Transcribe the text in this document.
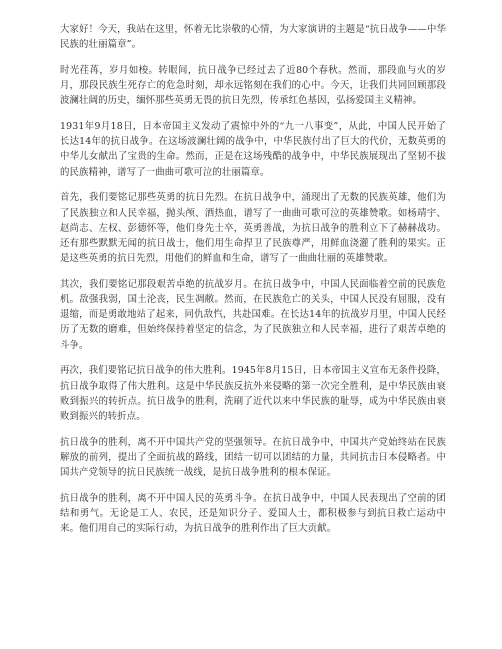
大家好！今天，我站在这里，怀着无比崇敬的心情，为大家演讲的主题是“抗日战争——中华民族的壮丽篇章”。

时光荏苒，岁月如梭。转眼间，抗日战争已经过去了近80个春秋。然而，那段血与火的岁月，那段民族生死存亡的危急时刻，却永远铭刻在我们的心中。今天，让我们共同回顾那段波澜壮阔的历史，缅怀那些英勇无畏的抗日先烈，传承红色基因，弘扬爱国主义精神。

1931年9月18日，日本帝国主义发动了震惊中外的“九一八事变”，从此，中国人民开始了长达14年的抗日战争。在这场波澜壮阔的战争中，中华民族付出了巨大的代价，无数英勇的中华儿女献出了宝贵的生命。然而，正是在这场残酷的战争中，中华民族展现出了坚韧不拔的民族精神，谱写了一曲曲可歌可泣的壮丽篇章。

首先，我们要铭记那些英勇的抗日先烈。在抗日战争中，涌现出了无数的民族英雄，他们为了民族独立和人民幸福，抛头颅、洒热血，谱写了一曲曲可歌可泣的英雄赞歌。如杨靖宇、赵尚志、左权、彭德怀等，他们身先士卒，英勇善战，为抗日战争的胜利立下了赫赫战功。还有那些默默无闻的抗日战士，他们用生命捍卫了民族尊严，用鲜血浇灌了胜利的果实。正是这些英勇的抗日先烈，用他们的鲜血和生命，谱写了一曲曲壮丽的英雄赞歌。

其次，我们要铭记那段艰苦卓绝的抗战岁月。在抗日战争中，中国人民面临着空前的民族危机。敌强我弱，国土沦丧，民生凋敝。然而，在民族危亡的关头，中国人民没有屈服，没有退缩，而是勇敢地站了起来，同仇敌忾，共赴国难。在长达14年的抗战岁月里，中国人民经历了无数的磨难，但始终保持着坚定的信念，为了民族独立和人民幸福，进行了艰苦卓绝的斗争。

再次，我们要铭记抗日战争的伟大胜利。1945年8月15日，日本帝国主义宣布无条件投降，抗日战争取得了伟大胜利。这是中华民族反抗外来侵略的第一次完全胜利，是中华民族由衰败到振兴的转折点。抗日战争的胜利，洗刷了近代以来中华民族的耻辱，成为中华民族由衰败到振兴的转折点。

抗日战争的胜利，离不开中国共产党的坚强领导。在抗日战争中，中国共产党始终站在民族解放的前列，提出了全面抗战的路线，团结一切可以团结的力量，共同抗击日本侵略者。中国共产党领导的抗日民族统一战线，是抗日战争胜利的根本保证。

抗日战争的胜利，离不开中国人民的英勇斗争。在抗日战争中，中国人民表现出了空前的团结和勇气。无论是工人、农民，还是知识分子、爱国人士，都积极参与到抗日救亡运动中来。他们用自己的实际行动，为抗日战争的胜利作出了巨大贡献。
